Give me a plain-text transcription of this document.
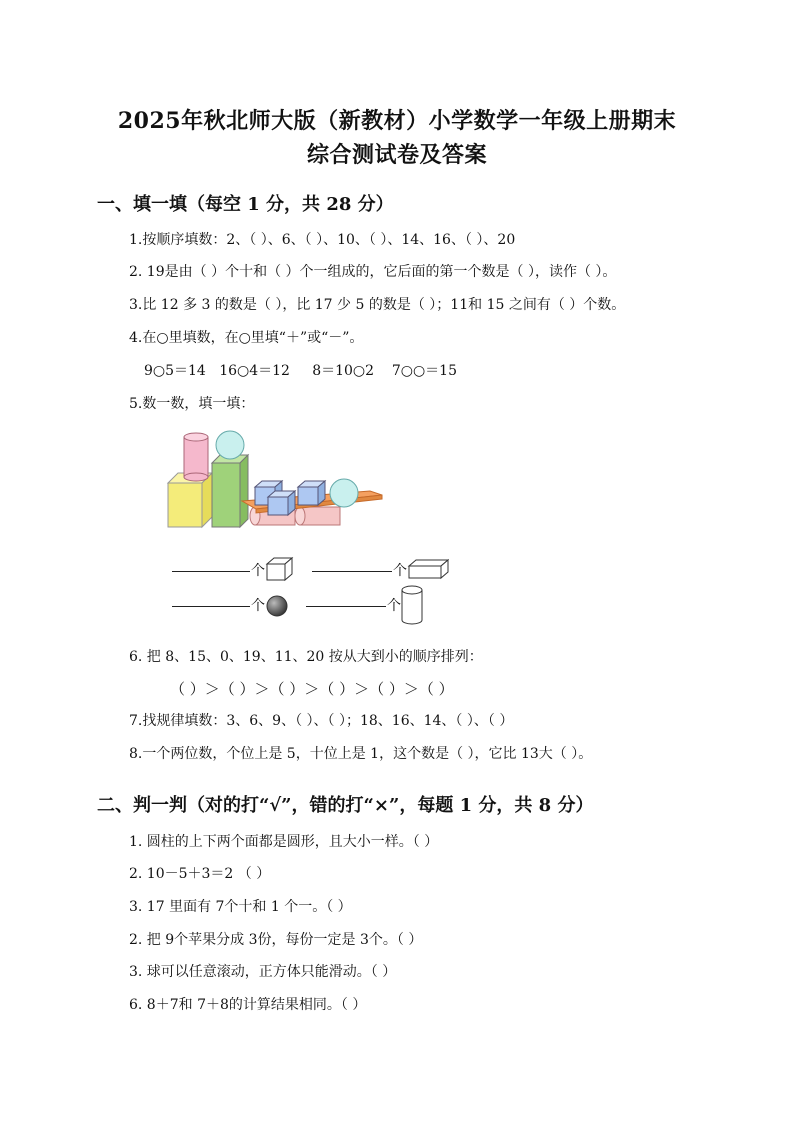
2025年秋北师大版（新教材）小学数学一年级上册期末
综合测试卷及答案
一、填一填（每空 1 分，共 28 分）
1.按顺序填数：2、（ ）、6、（ ）、10、（ ）、14、16、（ ）、20
2. 19是由（ ）个十和（ ）个一组成的，它后面的第一个数是（ ），读作（ ）。
3.比 12 多 3 的数是（ ），比 17 少 5 的数是（ ）；11和 15 之间有（ ）个数。
4.在○里填数，在○里填“＋”或“－”。
9○5＝14   16○4＝12     8＝10○2    7○○＝15
5.数一数，填一填：
个	个
个	个
6. 把 8、15、0、19、11、20 按从大到小的顺序排列：
（ ）＞（ ）＞（ ）＞（ ）＞（ ）＞（ ）
7.找规律填数：3、6、9、（ ）、（ ）；18、16、14、（ ）、（ ）
8.一个两位数，个位上是 5，十位上是 1，这个数是（ ），它比 13大（ ）。
二、判一判（对的打“√”，错的打“×”，每题 1 分，共 8 分）
1. 圆柱的上下两个面都是圆形，且大小一样。（ ）
2. 10－5＋3＝2 （ ）
3. 17 里面有 7个十和 1 个一。（ ）
2. 把 9个苹果分成 3份，每份一定是 3个。（ ）
3. 球可以任意滚动，正方体只能滑动。（ ）
6. 8＋7和 7＋8的计算结果相同。（ ）
